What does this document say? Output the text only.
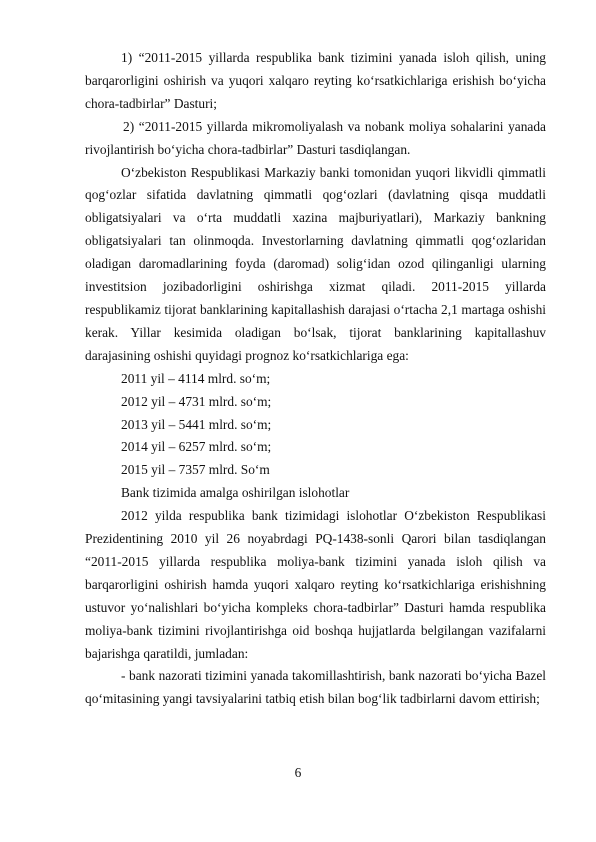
1) “2011-2015 yillarda respublika bank tizimini yanada isloh qilish, uning barqarorligini oshirish va yuqori xalqaro reyting ko‘rsatkichlariga erishish bo‘yicha chora-tadbirlar” Dasturi;

2) “2011-2015 yillarda mikromoliyalash va nobank moliya sohalarini yanada rivojlantirish bo‘yicha chora-tadbirlar” Dasturi tasdiqlangan.

O‘zbekiston Respublikasi Markaziy banki tomonidan yuqori likvidli qimmatli qog‘ozlar sifatida davlatning qimmatli qog‘ozlari (davlatning qisqa muddatli obligatsiyalari va o‘rta muddatli xazina majburiyatlari), Markaziy bankning obligatsiyalari tan olinmoqda. Investorlarning davlatning qimmatli qog‘ozlaridan oladigan daromadlarining foyda (daromad) solig‘idan ozod qilinganligi ularning investitsion jozibadorligini oshirishga xizmat qiladi. 2011-2015 yillarda respublikamiz tijorat banklarining kapitallashish darajasi o‘rtacha 2,1 martaga oshishi kerak. Yillar kesimida oladigan bo‘lsak, tijorat banklarining kapitallashuv darajasining oshishi quyidagi prognoz ko‘rsatkichlariga ega:

2011 yil – 4114 mlrd. so‘m;

2012 yil – 4731 mlrd. so‘m;

2013 yil – 5441 mlrd. so‘m;

2014 yil – 6257 mlrd. so‘m;

2015 yil – 7357 mlrd. So‘m

Bank tizimida amalga oshirilgan islohotlar

2012 yilda respublika bank tizimidagi islohotlar O‘zbekiston Respublikasi Prezidentining 2010 yil 26 noyabrdagi PQ-1438-sonli Qarori bilan tasdiqlangan “2011-2015 yillarda respublika moliya-bank tizimini yanada isloh qilish va barqarorligini oshirish hamda yuqori xalqaro reyting ko‘rsatkichlariga erishishning ustuvor yo‘nalishlari bo‘yicha kompleks chora-tadbirlar” Dasturi hamda respublika moliya-bank tizimini rivojlantirishga oid boshqa hujjatlarda belgilangan vazifalarni bajarishga qaratildi, jumladan:

- bank nazorati tizimini yanada takomillashtirish, bank nazorati bo‘yicha Bazel qo‘mitasining yangi tavsiyalarini tatbiq etish bilan bog‘lik tadbirlarni davom ettirish;

6
